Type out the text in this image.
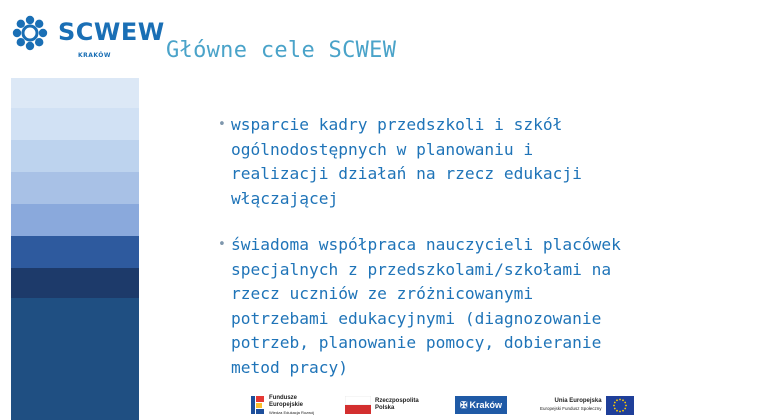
SCWEW
KRAKÓW Główne cele SCWEW
• wsparcie kadry przedszkoli i szkół
ogólnodostępnych w planowaniu i
realizacji działań na rzecz edukacji
włączającej
• świadoma współpraca nauczycieli placówek
specjalnych z przedszkolami/szkołami na
rzecz uczniów ze zróżnicowanymi
potrzebami edukacyjnymi (diagnozowanie
potrzeb, planowanie pomocy, dobieranie
metod pracy)
Fundusze
Europejskie
Wiedza Edukacja Rozwój
Rzeczpospolita
Polska	✠ Kraków	Unia Europejska
Europejski Fundusz Społeczny
